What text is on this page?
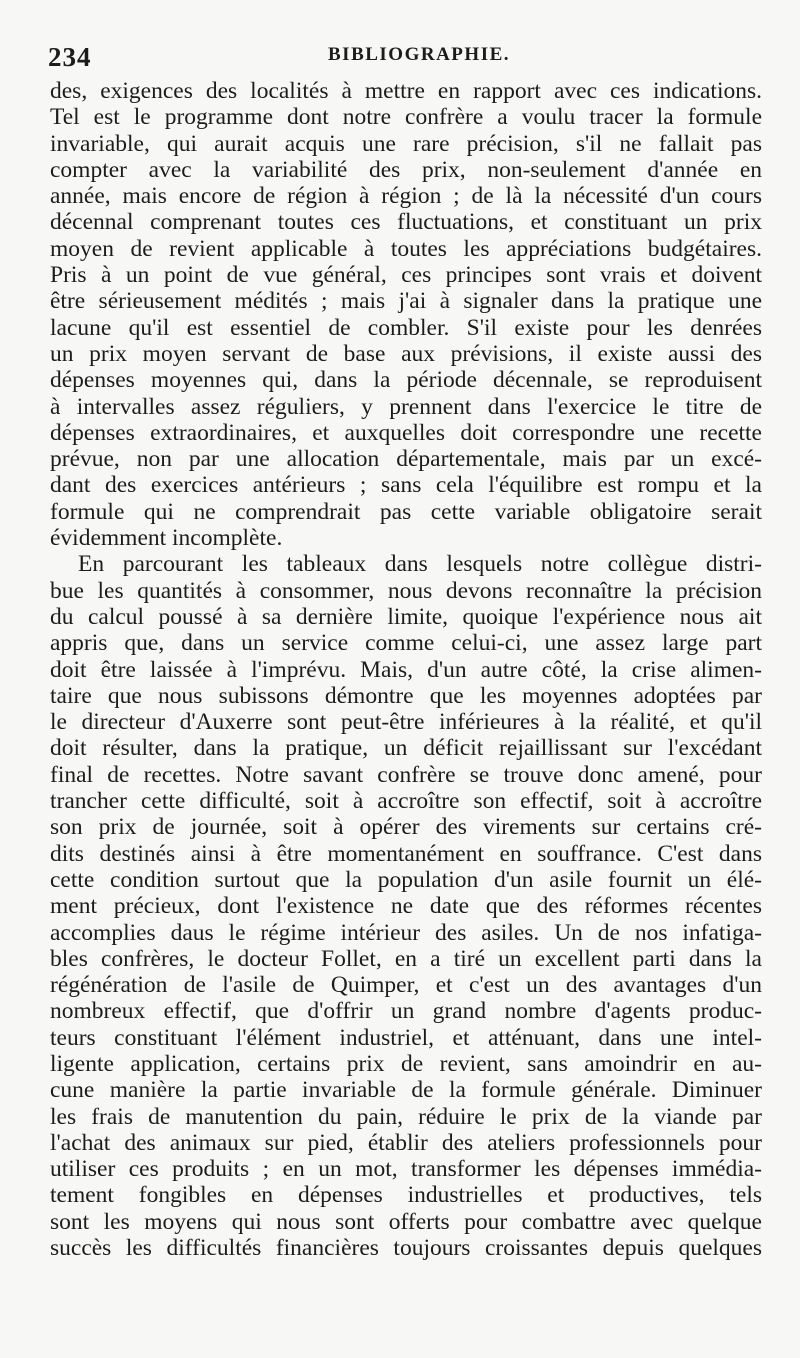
234	BIBLIOGRAPHIE.
des, exigences des localités à mettre en rapport avec ces indications.
Tel est le programme dont notre confrère a voulu tracer la formule
invariable, qui aurait acquis une rare précision, s'il ne fallait pas
compter avec la variabilité des prix, non-seulement d'année en
année, mais encore de région à région ; de là la nécessité d'un cours
décennal comprenant toutes ces fluctuations, et constituant un prix
moyen de revient applicable à toutes les appréciations budgétaires.
Pris à un point de vue général, ces principes sont vrais et doivent
être sérieusement médités ; mais j'ai à signaler dans la pratique une
lacune qu'il est essentiel de combler. S'il existe pour les denrées
un prix moyen servant de base aux prévisions, il existe aussi des
dépenses moyennes qui, dans la période décennale, se reproduisent
à intervalles assez réguliers, y prennent dans l'exercice le titre de
dépenses extraordinaires, et auxquelles doit correspondre une recette
prévue, non par une allocation départementale, mais par un excé-
dant des exercices antérieurs ; sans cela l'équilibre est rompu et la
formule qui ne comprendrait pas cette variable obligatoire serait
évidemment incomplète.
En parcourant les tableaux dans lesquels notre collègue distri-
bue les quantités à consommer, nous devons reconnaître la précision
du calcul poussé à sa dernière limite, quoique l'expérience nous ait
appris que, dans un service comme celui-ci, une assez large part
doit être laissée à l'imprévu. Mais, d'un autre côté, la crise alimen-
taire que nous subissons démontre que les moyennes adoptées par
le directeur d'Auxerre sont peut-être inférieures à la réalité, et qu'il
doit résulter, dans la pratique, un déficit rejaillissant sur l'excédant
final de recettes. Notre savant confrère se trouve donc amené, pour
trancher cette difficulté, soit à accroître son effectif, soit à accroître
son prix de journée, soit à opérer des virements sur certains cré-
dits destinés ainsi à être momentanément en souffrance. C'est dans
cette condition surtout que la population d'un asile fournit un élé-
ment précieux, dont l'existence ne date que des réformes récentes
accomplies daus le régime intérieur des asiles. Un de nos infatiga-
bles confrères, le docteur Follet, en a tiré un excellent parti dans la
régénération de l'asile de Quimper, et c'est un des avantages d'un
nombreux effectif, que d'offrir un grand nombre d'agents produc-
teurs constituant l'élément industriel, et atténuant, dans une intel-
ligente application, certains prix de revient, sans amoindrir en au-
cune manière la partie invariable de la formule générale. Diminuer
les frais de manutention du pain, réduire le prix de la viande par
l'achat des animaux sur pied, établir des ateliers professionnels pour
utiliser ces produits ; en un mot, transformer les dépenses immédia-
tement fongibles en dépenses industrielles et productives, tels
sont les moyens qui nous sont offerts pour combattre avec quelque
succès les difficultés financières toujours croissantes depuis quelques
